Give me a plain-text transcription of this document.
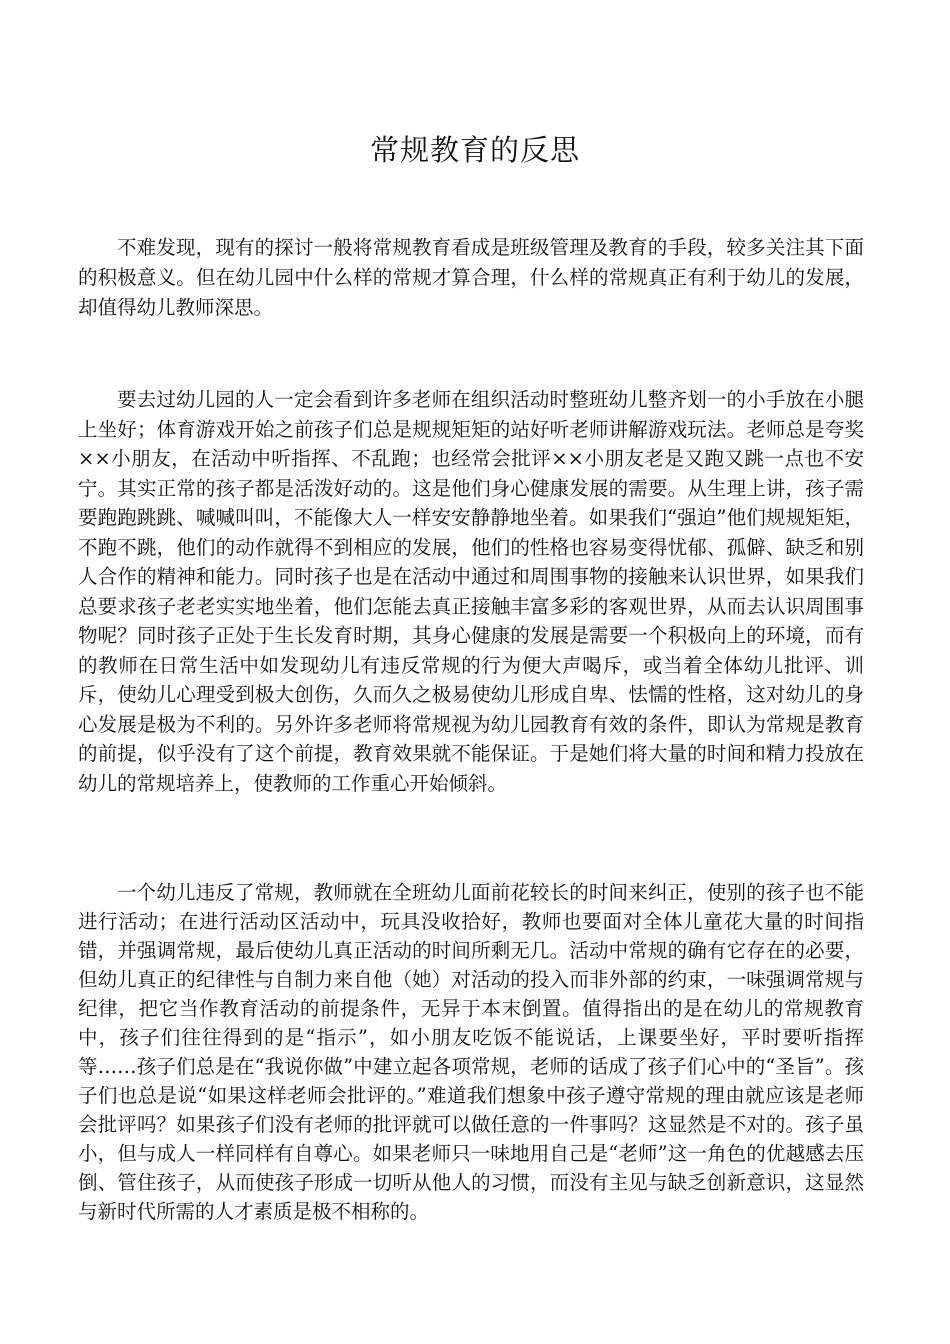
常规教育的反思

不难发现，现有的探讨一般将常规教育看成是班级管理及教育的手段，较多关注其下面的积极意义。但在幼儿园中什么样的常规才算合理，什么样的常规真正有利于幼儿的发展，却值得幼儿教师深思。

要去过幼儿园的人一定会看到许多老师在组织活动时整班幼儿整齐划一的小手放在小腿上坐好；体育游戏开始之前孩子们总是规规矩矩的站好听老师讲解游戏玩法。老师总是夸奖××小朋友，在活动中听指挥、不乱跑；也经常会批评××小朋友老是又跑又跳一点也不安宁。其实正常的孩子都是活泼好动的。这是他们身心健康发展的需要。从生理上讲，孩子需要跑跑跳跳、喊喊叫叫，不能像大人一样安安静静地坐着。如果我们“强迫”他们规规矩矩，不跑不跳，他们的动作就得不到相应的发展，他们的性格也容易变得忧郁、孤僻、缺乏和别人合作的精神和能力。同时孩子也是在活动中通过和周围事物的接触来认识世界，如果我们总要求孩子老老实实地坐着，他们怎能去真正接触丰富多彩的客观世界，从而去认识周围事物呢？同时孩子正处于生长发育时期，其身心健康的发展是需要一个积极向上的环境，而有的教师在日常生活中如发现幼儿有违反常规的行为便大声喝斥，或当着全体幼儿批评、训斥，使幼儿心理受到极大创伤，久而久之极易使幼儿形成自卑、怯懦的性格，这对幼儿的身心发展是极为不利的。另外许多老师将常规视为幼儿园教育有效的条件，即认为常规是教育的前提，似乎没有了这个前提，教育效果就不能保证。于是她们将大量的时间和精力投放在幼儿的常规培养上，使教师的工作重心开始倾斜。

一个幼儿违反了常规，教师就在全班幼儿面前花较长的时间来纠正，使别的孩子也不能进行活动；在进行活动区活动中，玩具没收拾好，教师也要面对全体儿童花大量的时间指错，并强调常规，最后使幼儿真正活动的时间所剩无几。活动中常规的确有它存在的必要，但幼儿真正的纪律性与自制力来自他（她）对活动的投入而非外部的约束，一味强调常规与纪律，把它当作教育活动的前提条件，无异于本末倒置。值得指出的是在幼儿的常规教育中，孩子们往往得到的是“指示”，如小朋友吃饭不能说话，上课要坐好，平时要听指挥等……孩子们总是在“我说你做”中建立起各项常规，老师的话成了孩子们心中的“圣旨”。孩子们也总是说“如果这样老师会批评的。”难道我们想象中孩子遵守常规的理由就应该是老师会批评吗？如果孩子们没有老师的批评就可以做任意的一件事吗？这显然是不对的。孩子虽小，但与成人一样同样有自尊心。如果老师只一味地用自己是“老师”这一角色的优越感去压倒、管住孩子，从而使孩子形成一切听从他人的习惯，而没有主见与缺乏创新意识，这显然与新时代所需的人才素质是极不相称的。
